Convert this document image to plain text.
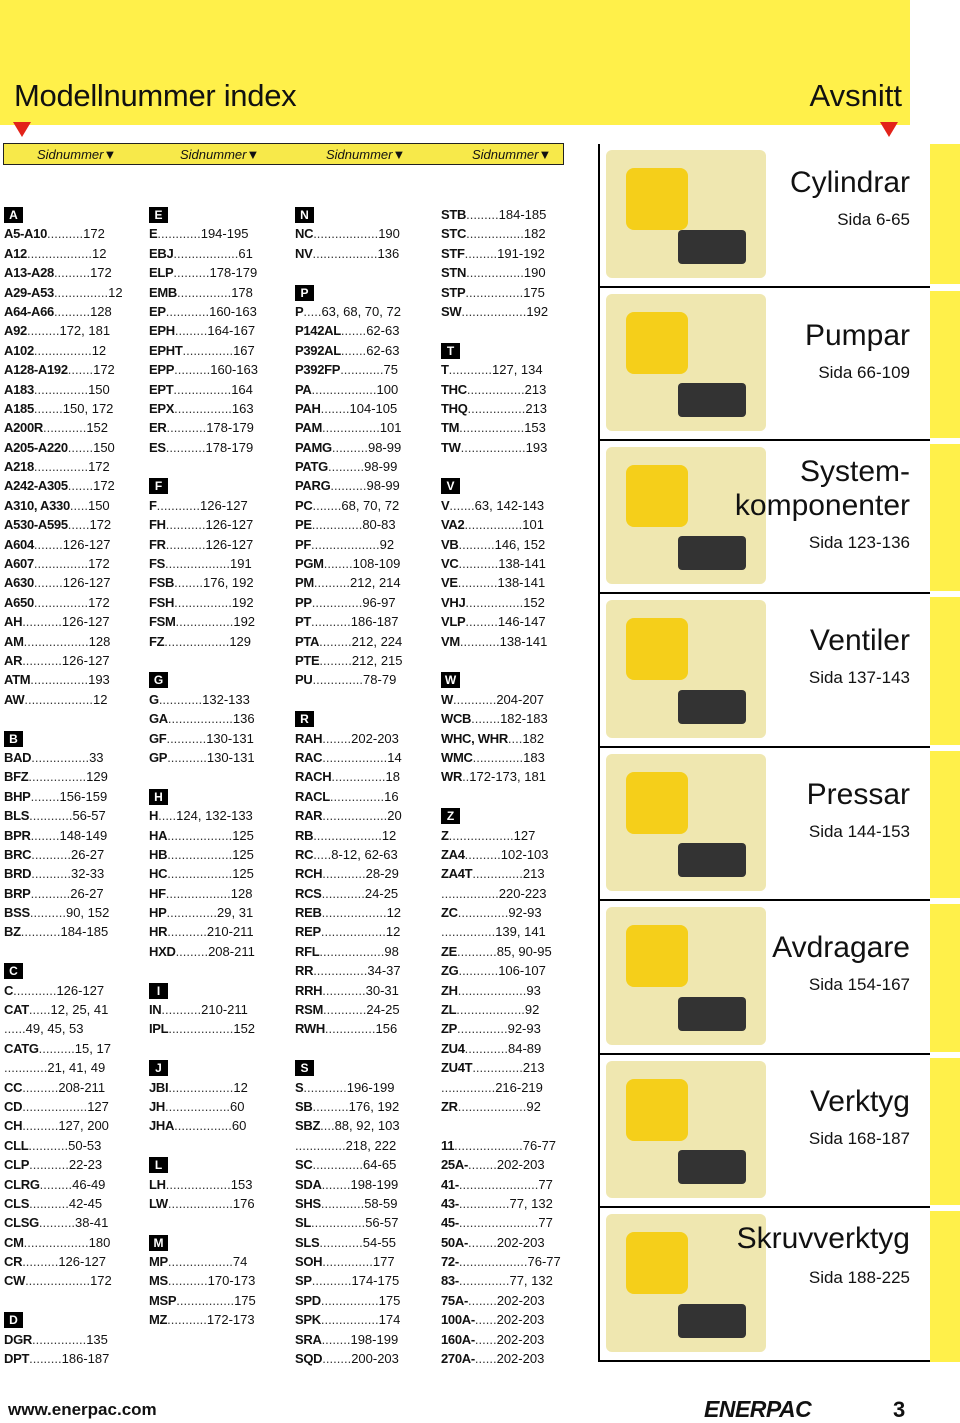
Modellnummer index	Avsnitt
Sidnummer▼	Sidnummer▼	Sidnummer▼	Sidnummer▼
A
A5-A10..........172
A12..................12
A13-A28..........172
A29-A53...............12
A64-A66..........128
A92.........172, 181
A102................12
A128-A192.......172
A183...............150
A185........150, 172
A200R............152
A205-A220.......150
A218...............172
A242-A305.......172
A310, A330.....150
A530-A595......172
A604........126-127
A607...............172
A630........126-127
A650...............172
AH...........126-127
AM..................128
AR...........126-127
ATM................193
AW...................12
B
BAD................33
BFZ................129
BHP........156-159
BLS............56-57
BPR........148-149
BRC...........26-27
BRD...........32-33
BRP...........26-27
BSS..........90, 152
BZ...........184-185
C
C............126-127
CAT......12, 25, 41
......49, 45, 53
CATG..........15, 17
............21, 41, 49
CC..........208-211
CD..................127
CH..........127, 200
CLL...........50-53
CLP...........22-23
CLRG.........46-49
CLS...........42-45
CLSG..........38-41
CM..................180
CR..........126-127
CW..................172
D
DGR...............135
DPT.........186-187
E
E............194-195
EBJ..................61
ELP..........178-179
EMB...............178
EP............160-163
EPH.........164-167
EPHT..............167
EPP..........160-163
EPT................164
EPX................163
ER...........178-179
ES...........178-179
F
F............126-127
FH...........126-127
FR...........126-127
FS..................191
FSB........176, 192
FSH................192
FSM................192
FZ..................129
G
G............132-133
GA..................136
GF...........130-131
GP...........130-131
H
H.....124, 132-133
HA..................125
HB..................125
HC..................125
HF..................128
HP..............29, 31
HR...........210-211
HXD.........208-211
I
IN...........210-211
IPL..................152
J
JBI..................12
JH..................60
JHA................60
L
LH..................153
LW..................176
M
MP..................74
MS...........170-173
MSP................175
MZ...........172-173
N
NC..................190
NV..................136
P
P.....63, 68, 70, 72
P142AL.......62-63
P392AL.......62-63
P392FP............75
PA..................100
PAH........104-105
PAM................101
PAMG..........98-99
PATG..........98-99
PARG..........98-99
PC........68, 70, 72
PE..............80-83
PF...................92
PGM........108-109
PM..........212, 214
PP..............96-97
PT...........186-187
PTA.........212, 224
PTE.........212, 215
PU..............78-79
R
RAH........202-203
RAC..................14
RACH...............18
RACL...............16
RAR..................20
RB...................12
RC.....8-12, 62-63
RCH............28-29
RCS............24-25
REB..................12
REP..................12
RFL..................98
RR...............34-37
RRH............30-31
RSM............24-25
RWH..............156
S
S............196-199
SB..........176, 192
SBZ....88, 92, 103
..............218, 222
SC..............64-65
SDA........198-199
SHS............58-59
SL...............56-57
SLS............54-55
SOH..............177
SP...........174-175
SPD................175
SPK................174
SRA........198-199
SQD........200-203
STB.........184-185
STC................182
STF.........191-192
STN................190
STP................175
SW..................192
T
T............127, 134
THC................213
THQ................213
TM..................153
TW..................193
V
V.......63, 142-143
VA2................101
VB..........146, 152
VC...........138-141
VE...........138-141
VHJ................152
VLP.........146-147
VM...........138-141
W
W............204-207
WCB........182-183
WHC, WHR....182
WMC..............183
WR..172-173, 181
Z
Z..................127
ZA4..........102-103
ZA4T..............213
................220-223
ZC..............92-93
...............139, 141
ZE...........85, 90-95
ZG...........106-107
ZH...................93
ZL...................92
ZP..............92-93
ZU4............84-89
ZU4T..............213
...............216-219
ZR...................92
11...................76-77
25A-........202-203
41-......................77
43-..............77, 132
45-......................77
50A-........202-203
72-...................76-77
83-..............77, 132
75A-........202-203
100A-......202-203
160A-......202-203
270A-......202-203
Cylindrar
Sida 6-65
Pumpar
Sida 66-109
System-
komponenter
Sida 123-136
Ventiler
Sida 137-143
Pressar
Sida 144-153
Avdragare
Sida 154-167
Verktyg
Sida 168-187
Skruvverktyg
Sida 188-225
www.enerpac.com	ENERPAC	3
